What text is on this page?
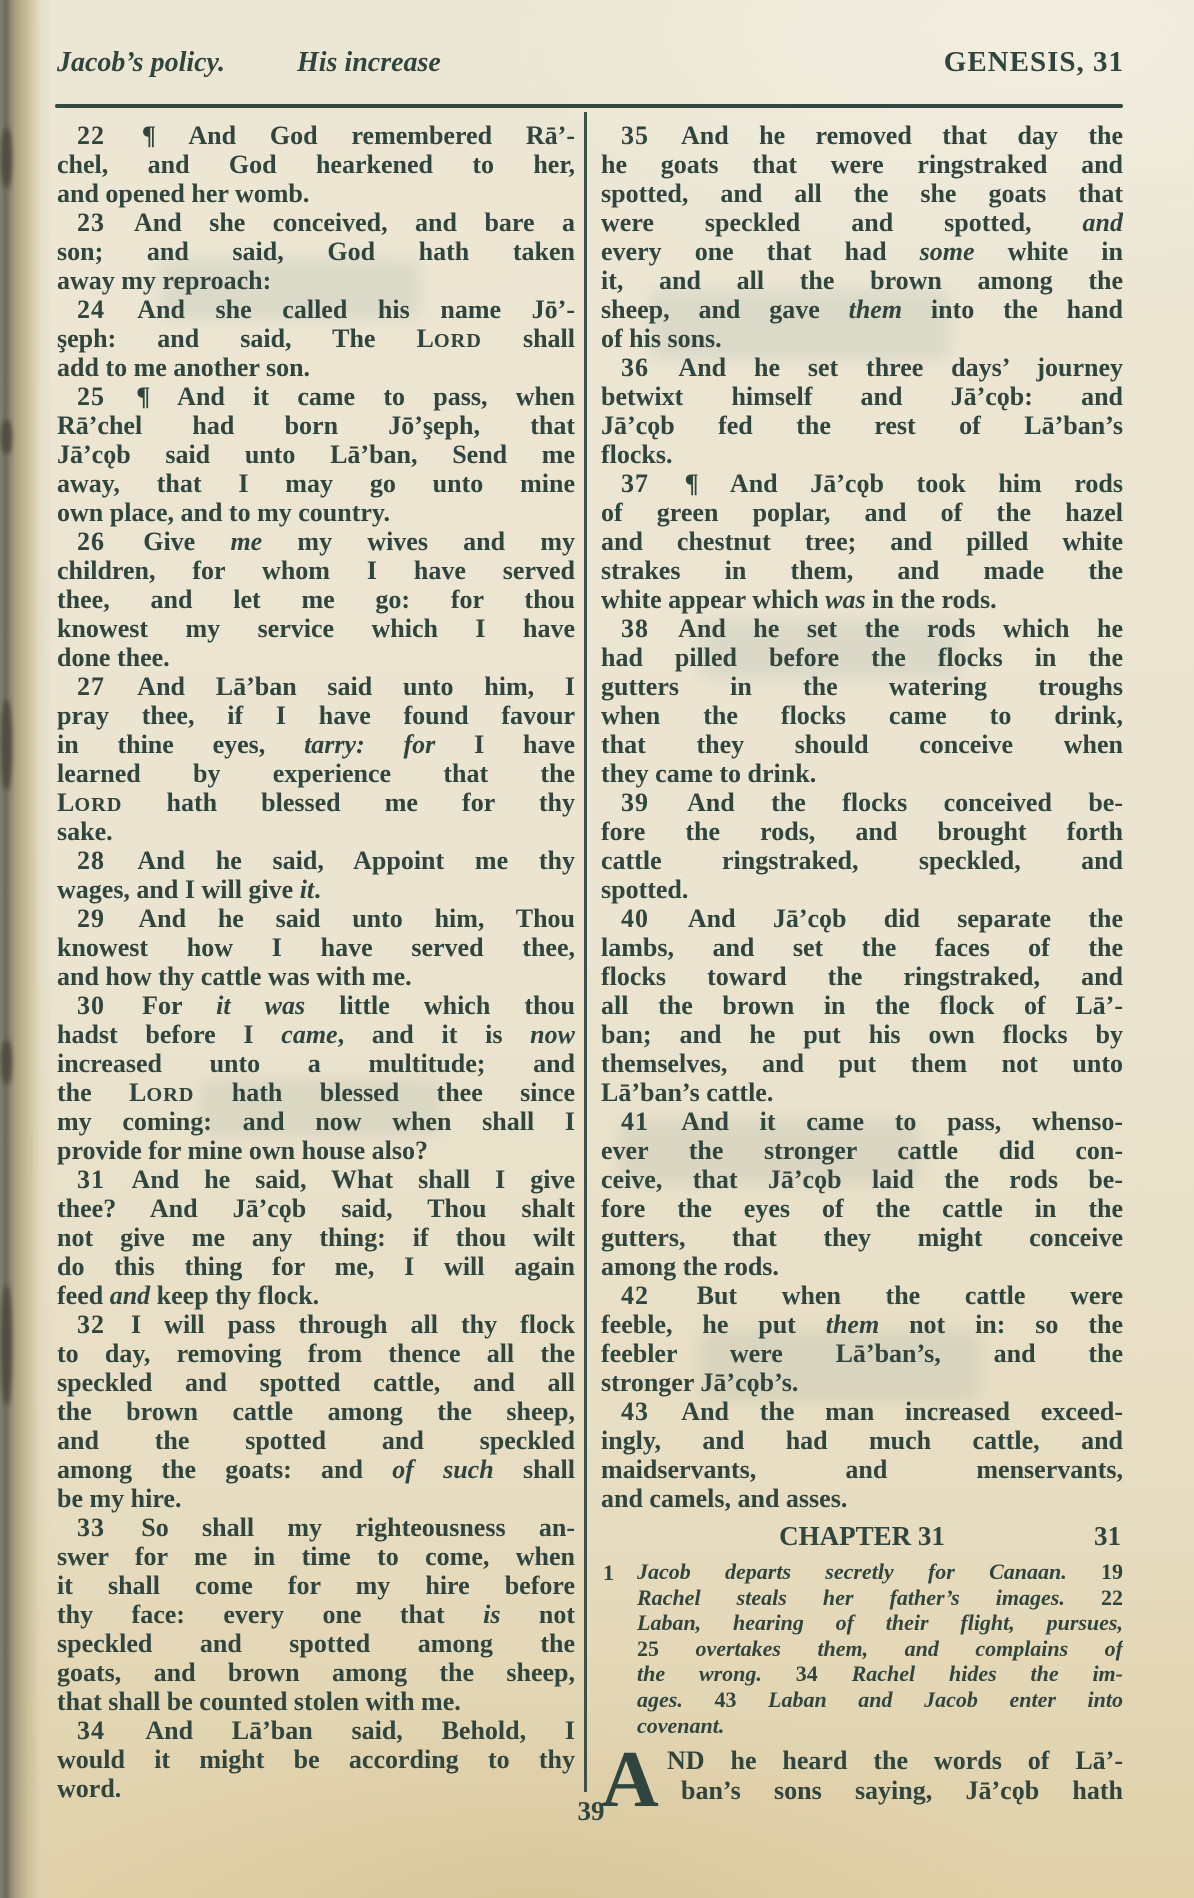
Jacob’s policy.	His increase	GENESIS, 31
22 ¶ And God remembered Rā’-
chel, and God hearkened to her,
and opened her womb.
23 And she conceived, and bare a
son; and said, God hath taken
away my reproach:
24 And she called his name Jō’-
şeph: and said, The LORD shall
add to me another son.
25 ¶ And it came to pass, when
Rā’chel had born Jō’şeph, that
Jā’cǫb said unto Lā’ban, Send me
away, that I may go unto mine
own place, and to my country.
26 Give me my wives and my
children, for whom I have served
thee, and let me go: for thou
knowest my service which I have
done thee.
27 And Lā’ban said unto him, I
pray thee, if I have found favour
in thine eyes, tarry: for I have
learned by experience that the
LORD hath blessed me for thy
sake.
28 And he said, Appoint me thy
wages, and I will give it.
29 And he said unto him, Thou
knowest how I have served thee,
and how thy cattle was with me.
30 For it was little which thou
hadst before I came, and it is now
increased unto a multitude; and
the LORD hath blessed thee since
my coming: and now when shall I
provide for mine own house also?
31 And he said, What shall I give
thee? And Jā’cǫb said, Thou shalt
not give me any thing: if thou wilt
do this thing for me, I will again
feed and keep thy flock.
32 I will pass through all thy flock
to day, removing from thence all the
speckled and spotted cattle, and all
the brown cattle among the sheep,
and the spotted and speckled
among the goats: and of such shall
be my hire.
33 So shall my righteousness an-
swer for me in time to come, when
it shall come for my hire before
thy face: every one that is not
speckled and spotted among the
goats, and brown among the sheep,
that shall be counted stolen with me.
34 And Lā’ban said, Behold, I
would it might be according to thy
word.
35 And he removed that day the
he goats that were ringstraked and
spotted, and all the she goats that
were speckled and spotted, and
every one that had some white in
it, and all the brown among the
sheep, and gave them into the hand
of his sons.
36 And he set three days’ journey
betwixt himself and Jā’cǫb: and
Jā’cǫb fed the rest of Lā’ban’s
flocks.
37 ¶ And Jā’cǫb took him rods
of green poplar, and of the hazel
and chestnut tree; and pilled white
strakes in them, and made the
white appear which was in the rods.
38 And he set the rods which he
had pilled before the flocks in the
gutters in the watering troughs
when the flocks came to drink,
that they should conceive when
they came to drink.
39 And the flocks conceived be-
fore the rods, and brought forth
cattle ringstraked, speckled, and
spotted.
40 And Jā’cǫb did separate the
lambs, and set the faces of the
flocks toward the ringstraked, and
all the brown in the flock of Lā’-
ban; and he put his own flocks by
themselves, and put them not unto
Lā’ban’s cattle.
41 And it came to pass, whenso-
ever the stronger cattle did con-
ceive, that Jā’cǫb laid the rods be-
fore the eyes of the cattle in the
gutters, that they might conceive
among the rods.
42 But when the cattle were
feeble, he put them not in: so the
feebler were Lā’ban’s, and the
stronger Jā’cǫb’s.
43 And the man increased exceed-
ingly, and had much cattle, and
maidservants, and menservants,
and camels, and asses.
CHAPTER 31	31
1 Jacob departs secretly for Canaan. 19
Rachel steals her father’s images. 22
Laban, hearing of their flight, pursues,
25 overtakes them, and complains of
the wrong. 34 Rachel hides the im-
ages. 43 Laban and Jacob enter into
covenant.
A ND he heard the words of Lā’-
ban’s sons saying, Jā’cǫb hath
39
